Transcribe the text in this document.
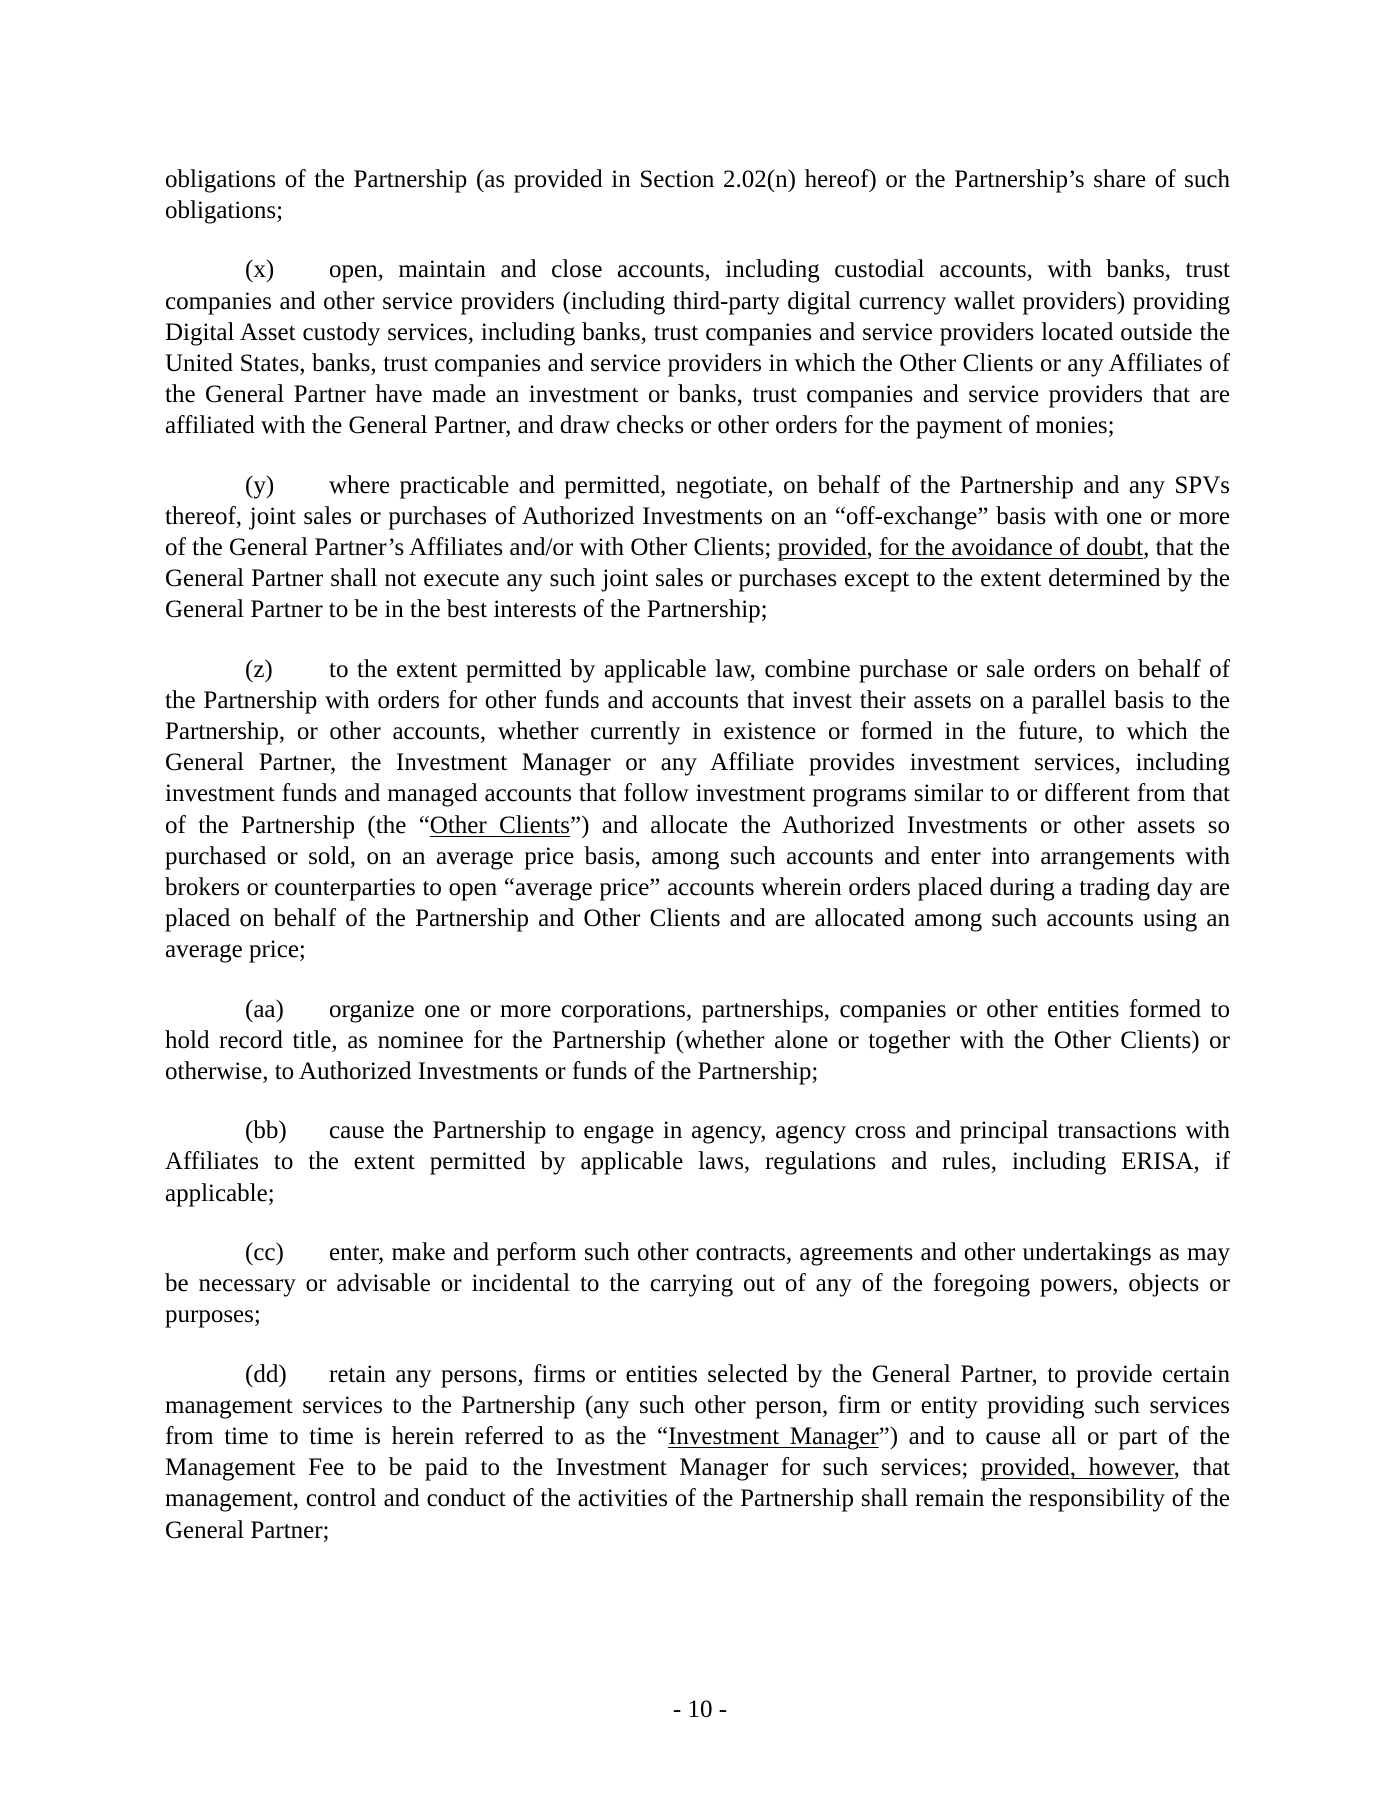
obligations of the Partnership (as provided in Section 2.02(n) hereof) or the Partnership’s share of such obligations;

(x) open, maintain and close accounts, including custodial accounts, with banks, trust companies and other service providers (including third-party digital currency wallet providers) providing Digital Asset custody services, including banks, trust companies and service providers located outside the United States, banks, trust companies and service providers in which the Other Clients or any Affiliates of the General Partner have made an investment or banks, trust companies and service providers that are affiliated with the General Partner, and draw checks or other orders for the payment of monies;

(y) where practicable and permitted, negotiate, on behalf of the Partnership and any SPVs thereof, joint sales or purchases of Authorized Investments on an “off-exchange” basis with one or more of the General Partner’s Affiliates and/or with Other Clients; provided, for the avoidance of doubt, that the General Partner shall not execute any such joint sales or purchases except to the extent determined by the General Partner to be in the best interests of the Partnership;

(z) to the extent permitted by applicable law, combine purchase or sale orders on behalf of the Partnership with orders for other funds and accounts that invest their assets on a parallel basis to the Partnership, or other accounts, whether currently in existence or formed in the future, to which the General Partner, the Investment Manager or any Affiliate provides investment services, including investment funds and managed accounts that follow investment programs similar to or different from that of the Partnership (the “Other Clients”) and allocate the Authorized Investments or other assets so purchased or sold, on an average price basis, among such accounts and enter into arrangements with brokers or counterparties to open “average price” accounts wherein orders placed during a trading day are placed on behalf of the Partnership and Other Clients and are allocated among such accounts using an average price;

(aa) organize one or more corporations, partnerships, companies or other entities formed to hold record title, as nominee for the Partnership (whether alone or together with the Other Clients) or otherwise, to Authorized Investments or funds of the Partnership;

(bb) cause the Partnership to engage in agency, agency cross and principal transactions with Affiliates to the extent permitted by applicable laws, regulations and rules, including ERISA, if applicable;

(cc) enter, make and perform such other contracts, agreements and other undertakings as may be necessary or advisable or incidental to the carrying out of any of the foregoing powers, objects or purposes;

(dd) retain any persons, firms or entities selected by the General Partner, to provide certain management services to the Partnership (any such other person, firm or entity providing such services from time to time is herein referred to as the “Investment Manager”) and to cause all or part of the Management Fee to be paid to the Investment Manager for such services; provided, however, that management, control and conduct of the activities of the Partnership shall remain the responsibility of the General Partner;

- 10 -
